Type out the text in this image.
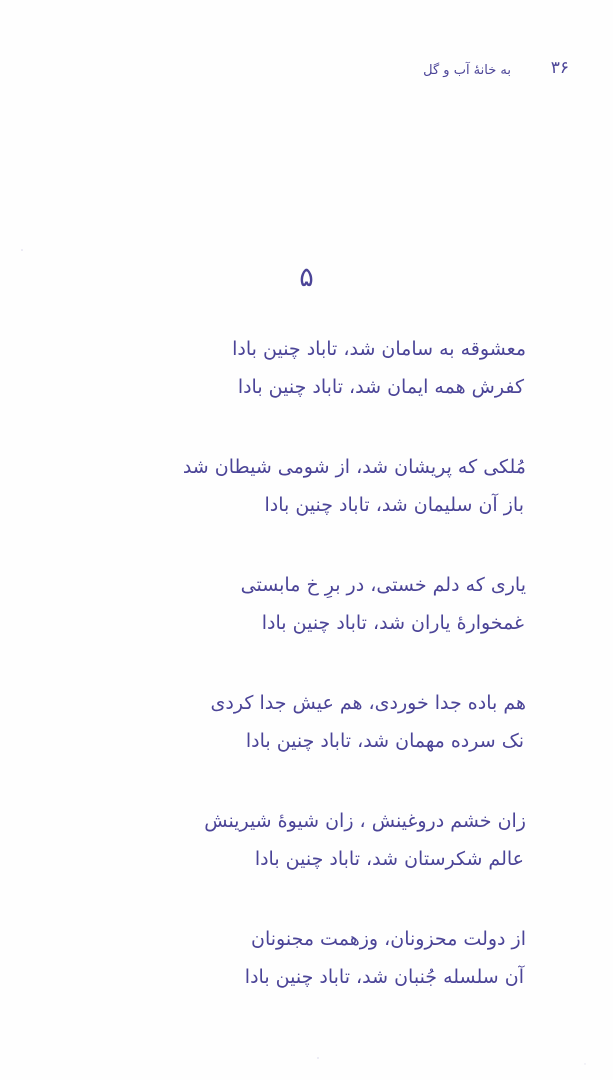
۳۶
به خانهٔ آب و گل
۵
معشوقه به سامان شد، تاباد چنین بادا
کفرش همه ایمان شد، تاباد چنین بادا
مُلکی که پریشان شد، از شومی شیطان شد
باز آن سلیمان شد، تاباد چنین بادا
یاری که دلم خستی، در برِ خ مابستی
غمخوارهٔ یاران شد، تاباد چنین بادا
هم باده جدا خوردی، هم عیش جدا کردی
نک سرده مهمان شد، تاباد چنین بادا
زان خشم دروغینش ، زان شیوهٔ شیرینش
عالم شکرستان شد، تاباد چنین بادا
از دولت محزونان، وزهمت مجنونان
آن سلسله جُنبان شد، تاباد چنین بادا
